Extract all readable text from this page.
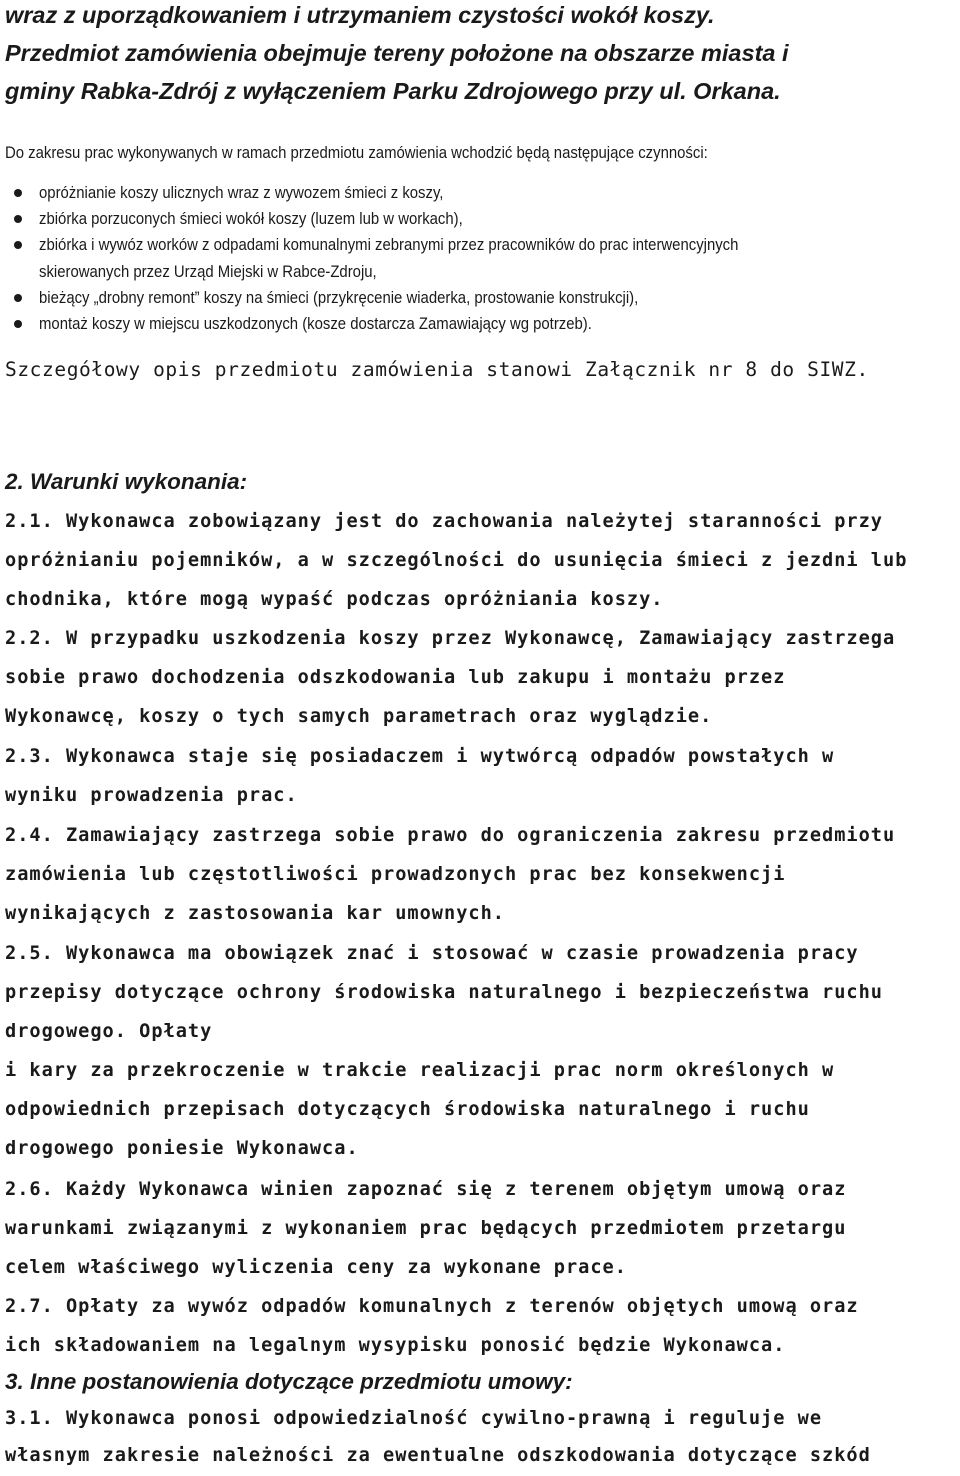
wraz z uporządkowaniem i utrzymaniem czystości wokół koszy.
Przedmiot zamówienia obejmuje tereny położone na obszarze miasta i
gminy Rabka-Zdrój z wyłączeniem Parku Zdrojowego przy ul. Orkana.
Do zakresu prac wykonywanych w ramach przedmiotu zamówienia wchodzić będą następujące czynności:
opróżnianie koszy ulicznych wraz z wywozem śmieci z koszy,
zbiórka porzuconych śmieci wokół koszy (luzem lub w workach),
zbiórka i wywóz worków z odpadami komunalnymi zebranymi przez pracowników do prac interwencyjnych
skierowanych przez Urząd Miejski w Rabce-Zdroju,
bieżący „drobny remont” koszy na śmieci (przykręcenie wiaderka, prostowanie konstrukcji),
montaż koszy w miejscu uszkodzonych (kosze dostarcza Zamawiający wg potrzeb).
Szczegółowy opis przedmiotu zamówienia stanowi Załącznik nr 8 do SIWZ.
2. Warunki wykonania:
2.1. Wykonawca zobowiązany jest do zachowania należytej staranności przy
opróżnianiu pojemników, a w szczególności do usunięcia śmieci z jezdni lub
chodnika, które mogą wypaść podczas opróżniania koszy.
2.2. W przypadku uszkodzenia koszy przez Wykonawcę, Zamawiający zastrzega
sobie prawo dochodzenia odszkodowania lub zakupu i montażu przez
Wykonawcę, koszy o tych samych parametrach oraz wyglądzie.
2.3. Wykonawca staje się posiadaczem i wytwórcą odpadów powstałych w
wyniku prowadzenia prac.
2.4. Zamawiający zastrzega sobie prawo do ograniczenia zakresu przedmiotu
zamówienia lub częstotliwości prowadzonych prac bez konsekwencji
wynikających z zastosowania kar umownych.
2.5. Wykonawca ma obowiązek znać i stosować w czasie prowadzenia pracy
przepisy dotyczące ochrony środowiska naturalnego i bezpieczeństwa ruchu
drogowego. Opłaty
i kary za przekroczenie w trakcie realizacji prac norm określonych w
odpowiednich przepisach dotyczących środowiska naturalnego i ruchu
drogowego poniesie Wykonawca.
2.6. Każdy Wykonawca winien zapoznać się z terenem objętym umową oraz
warunkami związanymi z wykonaniem prac będących przedmiotem przetargu
celem właściwego wyliczenia ceny za wykonane prace.
2.7. Opłaty za wywóz odpadów komunalnych z terenów objętych umową oraz
ich składowaniem na legalnym wysypisku ponosić będzie Wykonawca.
3. Inne postanowienia dotyczące przedmiotu umowy:
3.1. Wykonawca ponosi odpowiedzialność cywilno-prawną i reguluje we
własnym zakresie należności za ewentualne odszkodowania dotyczące szkód
